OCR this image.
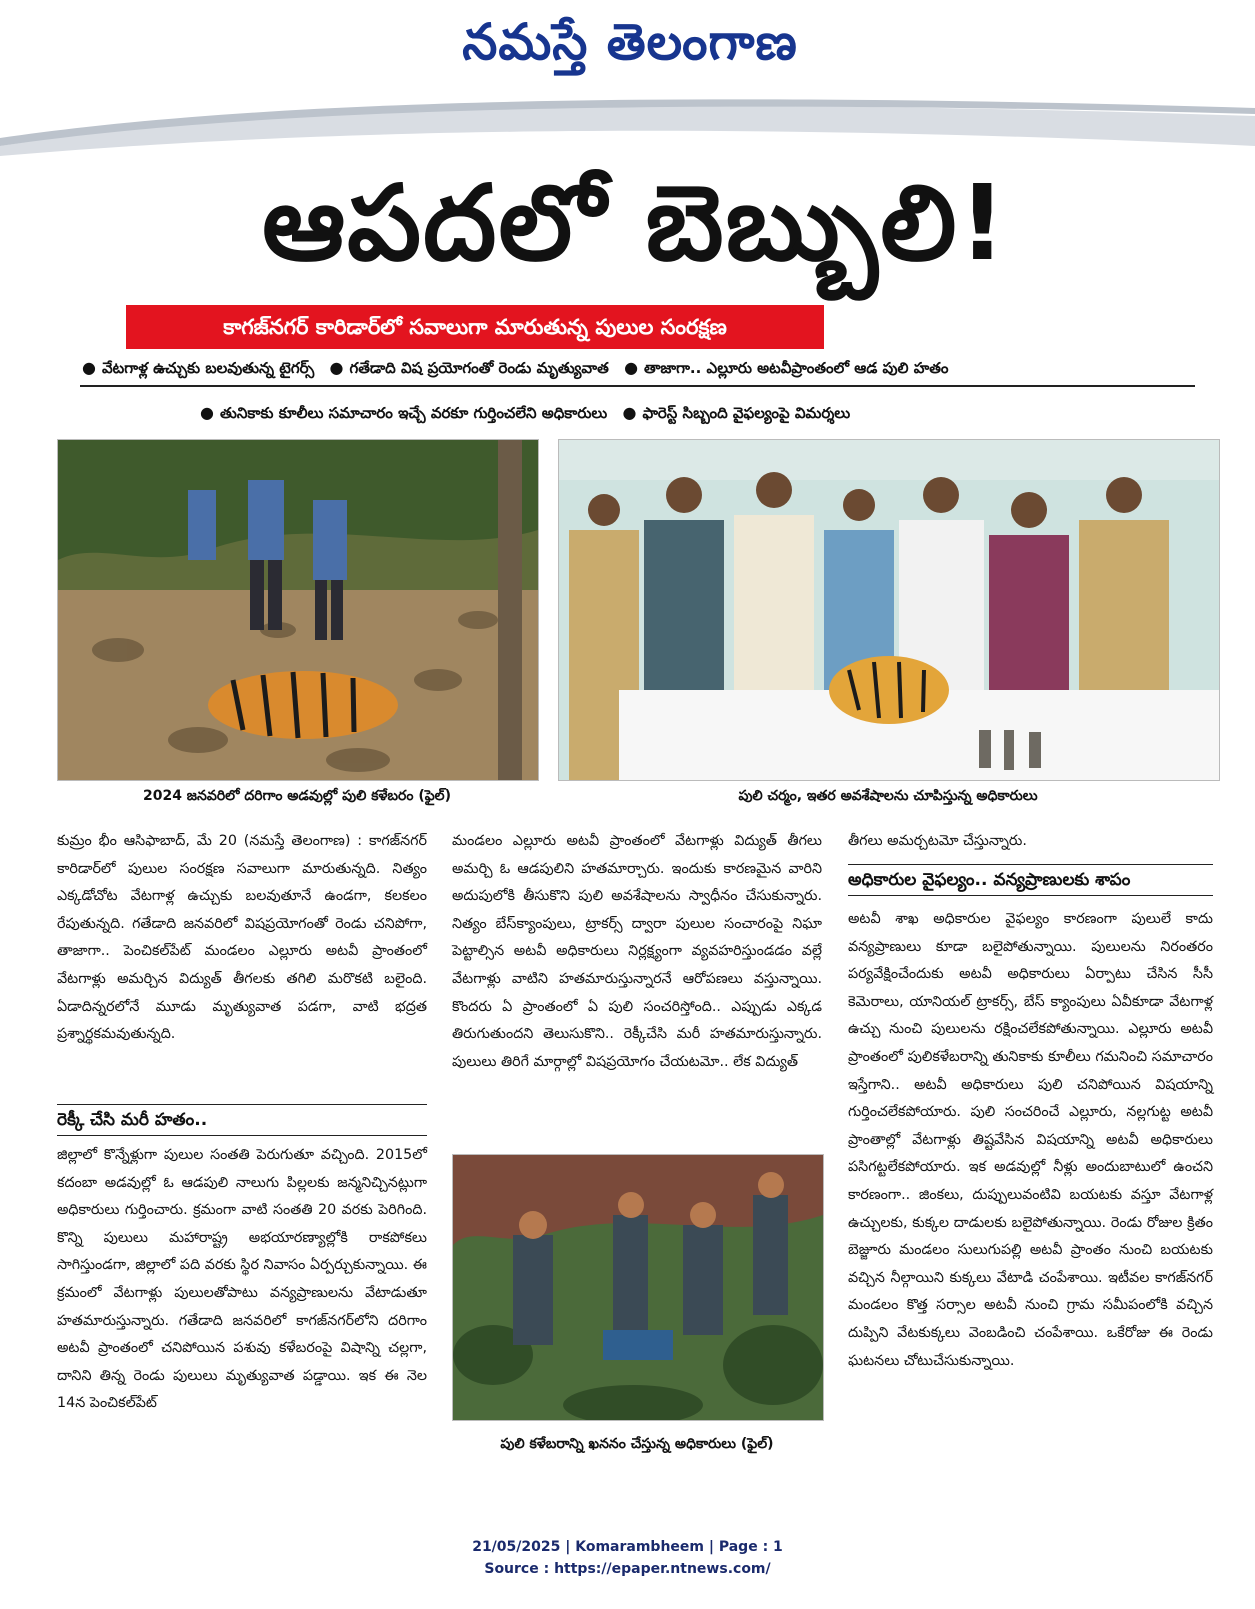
నమస్తే తెలంగాణ
ఆపదలో బెబ్బులి!
కాగజ్‌నగర్ కారిడార్‌లో సవాలుగా మారుతున్న పులుల సంరక్షణ
● వేటగాళ్ల ఉచ్చుకు బలవుతున్న టైగర్స్ ● గతేడాది విష ప్రయోగంతో రెండు మృత్యువాత ● తాజాగా.. ఎల్లూరు అటవీప్రాంతంలో ఆడ పులి హతం
● తునికాకు కూలీలు సమాచారం ఇచ్చే వరకూ గుర్తించలేని అధికారులు ● ఫారెస్ట్ సిబ్బంది వైఫల్యంపై విమర్శలు
2024 జనవరిలో దరిగాం అడవుల్లో పులి కళేబరం (ఫైల్)	పులి చర్మం, ఇతర అవశేషాలను చూపిస్తున్న అధికారులు

కుమ్రం భీం ఆసిఫాబాద్, మే 20 (నమస్తే తెలంగాణ) : కాగజ్‌నగర్ కారిడార్‌లో పులుల సంరక్షణ సవాలుగా మారుతున్నది. నిత్యం ఎక్కడోచోట వేటగాళ్ల ఉచ్చుకు బలవుతూనే ఉండగా, కలకలం రేపుతున్నది. గతేడాది జనవరిలో విషప్రయోగంతో రెండు చనిపోగా, తాజాగా.. పెంచికల్‌పేట్ మండలం ఎల్లూరు అటవీ ప్రాంతంలో వేటగాళ్లు అమర్చిన విద్యుత్ తీగలకు తగిలి మరొకటి బలైంది. ఏడాదిన్నరలోనే మూడు మృత్యువాత పడగా, వాటి భద్రత ప్రశ్నార్థకమవుతున్నది.

రెక్కీ చేసి మరీ హతం..

జిల్లాలో కొన్నేళ్లుగా పులుల సంతతి పెరుగుతూ వచ్చింది. 2015లో కదంబా అడవుల్లో ఓ ఆడపులి నాలుగు పిల్లలకు జన్మనిచ్చినట్లుగా అధికారులు గుర్తించారు. క్రమంగా వాటి సంతతి 20 వరకు పెరిగింది. కొన్ని పులులు మహారాష్ట్ర అభయారణ్యాల్లోకి రాకపోకలు సాగిస్తుండగా, జిల్లాలో పది వరకు స్థిర నివాసం ఏర్పర్చుకున్నాయి. ఈ క్రమంలో వేటగాళ్లు పులులతోపాటు వన్యప్రాణులను వేటాడుతూ హతమారుస్తున్నారు. గతేడాది జనవరిలో కాగజ్‌నగర్‌లోని దరిగాం అటవీ ప్రాంతంలో చనిపోయిన పశువు కళేబరంపై విషాన్ని చల్లగా, దానిని తిన్న రెండు పులులు మృత్యువాత పడ్డాయి. ఇక ఈ నెల 14న పెంచికల్‌పేట్

మండలం ఎల్లూరు అటవీ ప్రాంతంలో వేటగాళ్లు విద్యుత్ తీగలు అమర్చి ఓ ఆడపులిని హతమార్చారు. ఇందుకు కారణమైన వారిని అదుపులోకి తీసుకొని పులి అవశేషాలను స్వాధీనం చేసుకున్నారు. నిత్యం బేస్‌క్యాంపులు, ట్రాకర్స్ ద్వారా పులుల సంచారంపై నిఘా పెట్టాల్సిన అటవీ అధికారులు నిర్లక్ష్యంగా వ్యవహరిస్తుండడం వల్లే వేటగాళ్లు వాటిని హతమారుస్తున్నారనే ఆరోపణలు వస్తున్నాయి. కొందరు ఏ ప్రాంతంలో ఏ పులి సంచరిస్తోంది.. ఎప్పుడు ఎక్కడ తిరుగుతుందని తెలుసుకొని.. రెక్కీచేసి మరీ హతమారుస్తున్నారు. పులులు తిరిగే మార్గాల్లో విషప్రయోగం చేయటమో.. లేక విద్యుత్

పులి కళేబరాన్ని ఖననం చేస్తున్న అధికారులు (ఫైల్)

తీగలు అమర్చటమో చేస్తున్నారు.

అధికారుల వైఫల్యం.. వన్యప్రాణులకు శాపం

అటవీ శాఖ అధికారుల వైఫల్యం కారణంగా పులులే కాదు వన్యప్రాణులు కూడా బలైపోతున్నాయి. పులులను నిరంతరం పర్యవేక్షించేందుకు అటవీ అధికారులు ఏర్పాటు చేసిన సీసీ కెమెరాలు, యానియల్ ట్రాకర్స్, బేస్ క్యాంపులు ఏవీకూడా వేటగాళ్ల ఉచ్చు నుంచి పులులను రక్షించలేకపోతున్నాయి. ఎల్లూరు అటవీ ప్రాంతంలో పులికళేబరాన్ని తునికాకు కూలీలు గమనించి సమాచారం ఇస్తేగాని.. అటవీ అధికారులు పులి చనిపోయిన విషయాన్ని గుర్తించలేకపోయారు. పులి సంచరించే ఎల్లూరు, నల్లగుట్ట అటవీ ప్రాంతాల్లో వేటగాళ్లు తిష్టవేసిన విషయాన్ని అటవీ అధికారులు పసిగట్టలేకపోయారు. ఇక అడవుల్లో నీళ్లు అందుబాటులో ఉంచని కారణంగా.. జింకలు, దుప్పులువంటివి బయటకు వస్తూ వేటగాళ్ల ఉచ్చులకు, కుక్కల దాడులకు బలైపోతున్నాయి. రెండు రోజుల క్రితం బెజ్జూరు మండలం సులుగుపల్లి అటవీ ప్రాంతం నుంచి బయటకు వచ్చిన నీల్గాయిని కుక్కలు వేటాడి చంపేశాయి. ఇటీవల కాగజ్‌నగర్ మండలం కొత్త సర్సాల అటవీ నుంచి గ్రామ సమీపంలోకి వచ్చిన దుప్పిని వేటకుక్కలు వెంబడించి చంపేశాయి. ఒకేరోజు ఈ రెండు ఘటనలు చోటుచేసుకున్నాయి.

21/05/2025 | Komarambheem | Page : 1
Source : https://epaper.ntnews.com/
